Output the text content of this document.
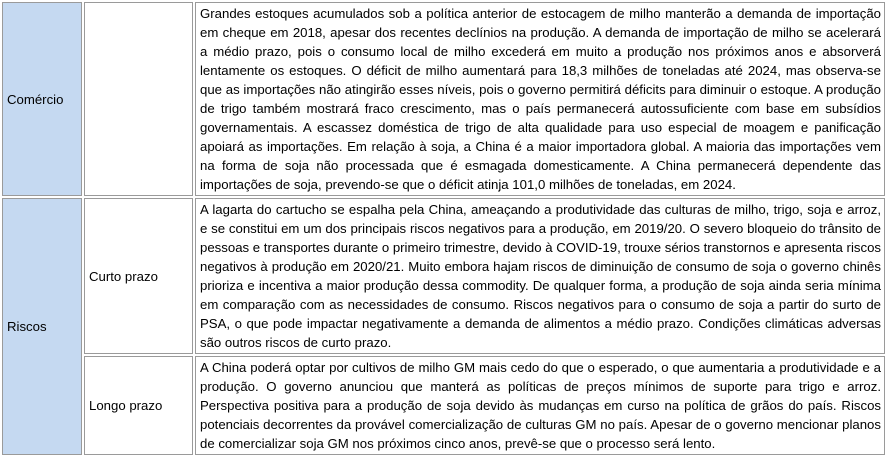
Comércio		Grandes estoques acumulados sob a política anterior de estocagem de milho manterão a demanda de importação em cheque em 2018, apesar dos recentes declínios na produção. A demanda de importação de milho se acelerará a médio prazo, pois o consumo local de milho excederá em muito a produção nos próximos anos e absorverá lentamente os estoques. O déficit de milho aumentará para 18,3 milhões de toneladas até 2024, mas observa-se que as importações não atingirão esses níveis, pois o governo permitirá déficits para diminuir o estoque. A produção de trigo também mostrará fraco crescimento, mas o país permanecerá autossuficiente com base em subsídios governamentais. A escassez doméstica de trigo de alta qualidade para uso especial de moagem e panificação apoiará as importações. Em relação à soja, a China é a maior importadora global. A maioria das importações vem na forma de soja não processada que é esmagada domesticamente. A China permanecerá dependente das importações de soja, prevendo-se que o déficit atinja 101,0 milhões de toneladas, em 2024.
Riscos	Curto prazo	A lagarta do cartucho se espalha pela China, ameaçando a produtividade das culturas de milho, trigo, soja e arroz, e se constitui em um dos principais riscos negativos para a produção, em 2019/20. O severo bloqueio do trânsito de pessoas e transportes durante o primeiro trimestre, devido à COVID-19, trouxe sérios transtornos e apresenta riscos negativos à produção em 2020/21. Muito embora hajam riscos de diminuição de consumo de soja o governo chinês prioriza e incentiva a maior produção dessa commodity. De qualquer forma, a produção de soja ainda seria mínima em comparação com as necessidades de consumo. Riscos negativos para o consumo de soja a partir do surto de PSA, o que pode impactar negativamente a demanda de alimentos a médio prazo. Condições climáticas adversas são outros riscos de curto prazo.
	Longo prazo	A China poderá optar por cultivos de milho GM mais cedo do que o esperado, o que aumentaria a produtividade e a produção. O governo anunciou que manterá as políticas de preços mínimos de suporte para trigo e arroz. Perspectiva positiva para a produção de soja devido às mudanças em curso na política de grãos do país. Riscos potenciais decorrentes da provável comercialização de culturas GM no país. Apesar de o governo mencionar planos de comercializar soja GM nos próximos cinco anos, prevê-se que o processo será lento.
